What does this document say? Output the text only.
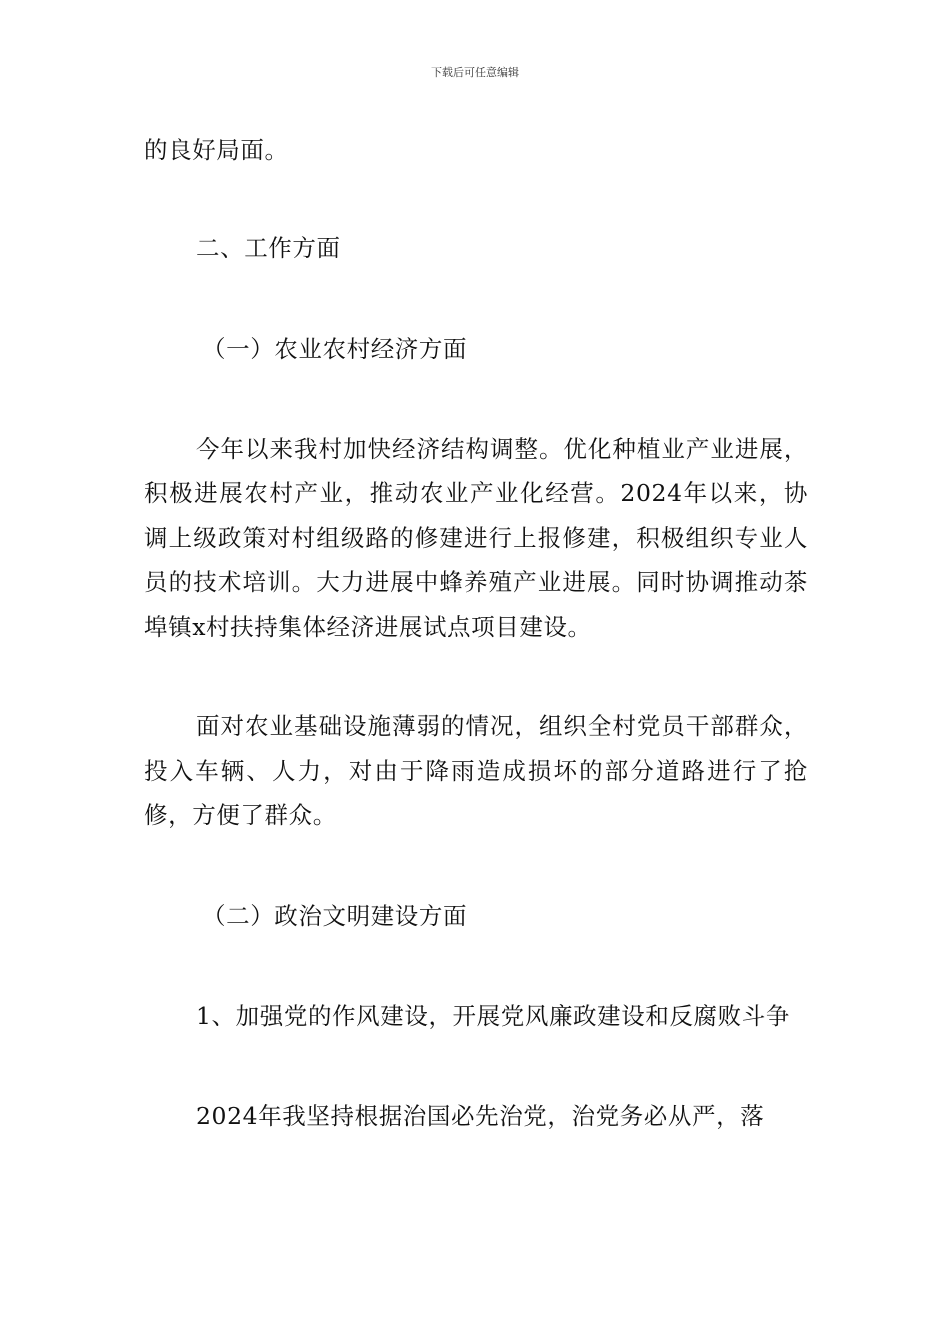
下载后可任意编辑

的良好局面。

二、工作方面

（一）农业农村经济方面

今年以来我村加快经济结构调整。优化种植业产业进展，积极进展农村产业，推动农业产业化经营。2024年以来，协调上级政策对村组级路的修建进行上报修建，积极组织专业人员的技术培训。大力进展中蜂养殖产业进展。同时协调推动茶埠镇x村扶持集体经济进展试点项目建设。

面对农业基础设施薄弱的情况，组织全村党员干部群众，投入车辆、人力，对由于降雨造成损坏的部分道路进行了抢修，方便了群众。

（二）政治文明建设方面

1、加强党的作风建设，开展党风廉政建设和反腐败斗争

2024年我坚持根据治国必先治党，治党务必从严，落
